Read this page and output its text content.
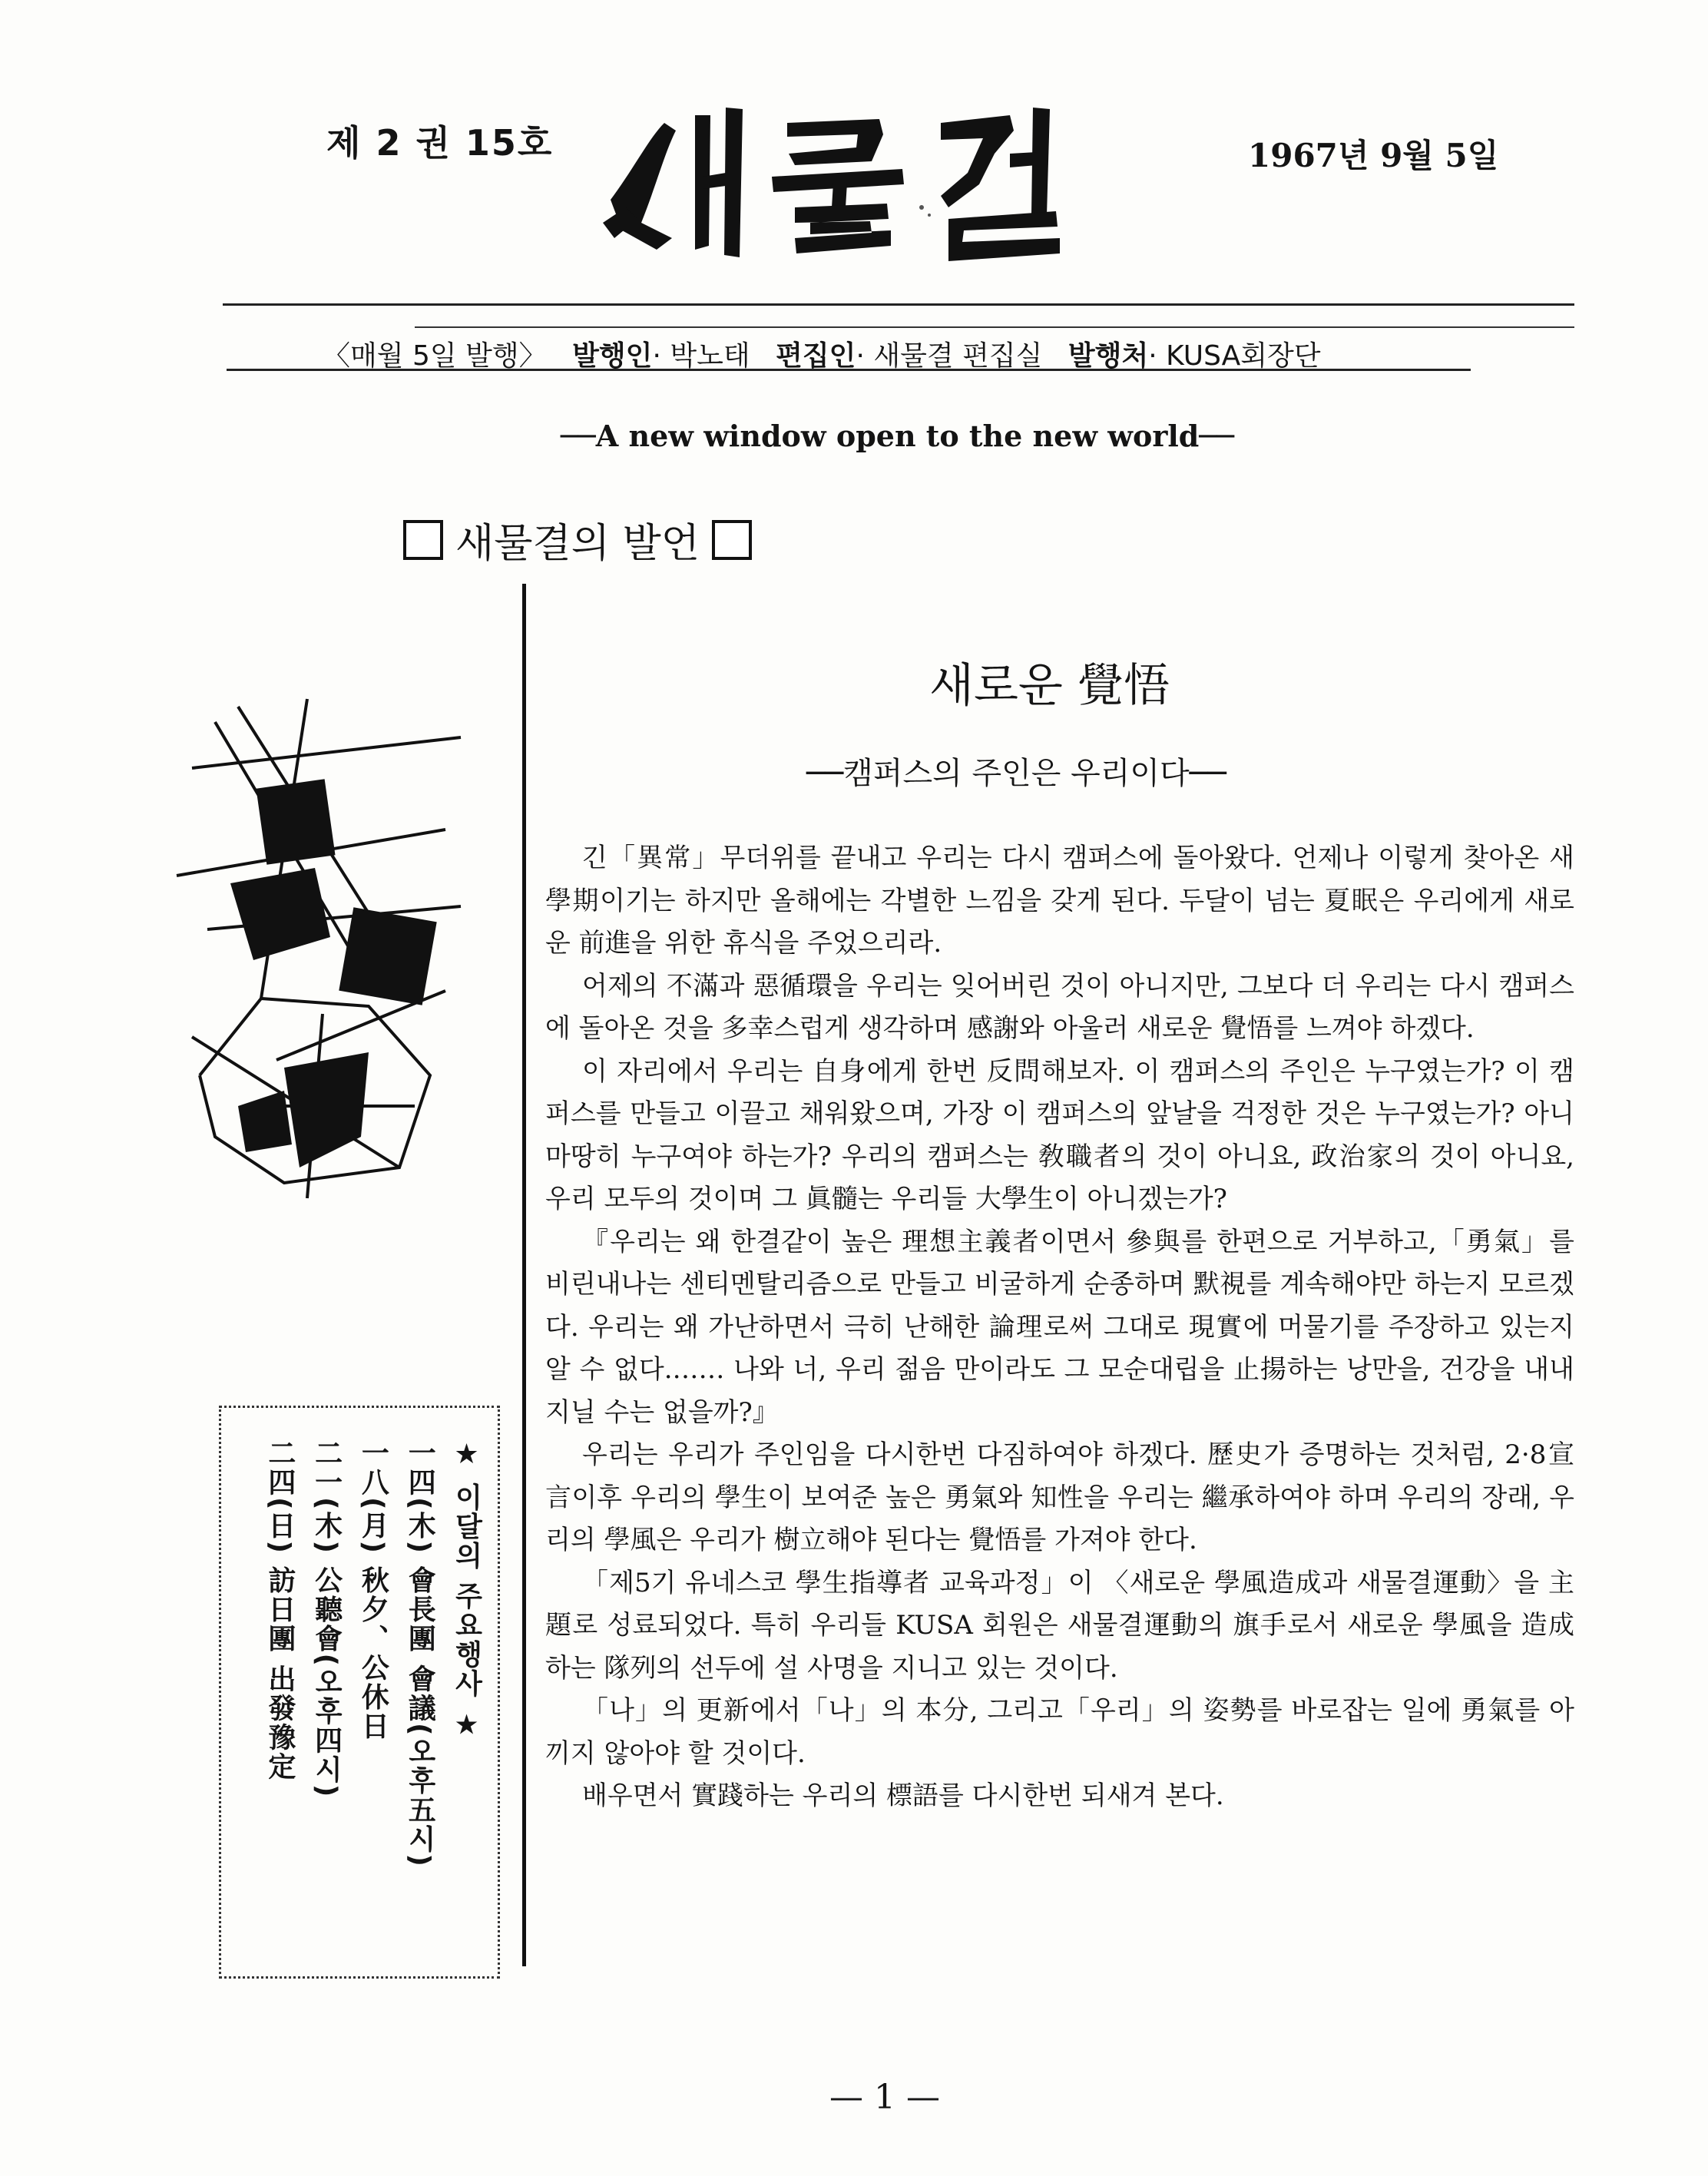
제 2 권 15호	1967년 9월 5일
〈매월 5일 발행〉 발행인· 박노태 편집인· 새물결 편집실 발행처· KUSA회장단
──A new window open to the new world──
새물결의 발언
★ 이달의 주요행사 ★
一四(木) 會長團 會議(오후五시)
一八(月) 秋夕、公休日
二一(木) 公聽會(오후四시)
二四(日) 訪日團 出發豫定
새로운 覺悟
──캠퍼스의 주인은 우리이다──

긴「異常」무더위를 끝내고 우리는 다시 캠퍼스에 돌아왔다. 언제나 이렇게 찾아온 새 學期이기는 하지만 올해에는 각별한 느낌을 갖게 된다. 두달이 넘는 夏眠은 우리에게 새로운 前進을 위한 휴식을 주었으리라.

어제의 不滿과 惡循環을 우리는 잊어버린 것이 아니지만, 그보다 더 우리는 다시 캠퍼스에 돌아온 것을 多幸스럽게 생각하며 感謝와 아울러 새로운 覺悟를 느껴야 하겠다.

이 자리에서 우리는 自身에게 한번 反問해보자. 이 캠퍼스의 주인은 누구였는가? 이 캠퍼스를 만들고 이끌고 채워왔으며, 가장 이 캠퍼스의 앞날을 걱정한 것은 누구였는가? 아니 마땅히 누구여야 하는가? 우리의 캠퍼스는 敎職者의 것이 아니요, 政治家의 것이 아니요, 우리 모두의 것이며 그 眞髓는 우리들 大學生이 아니겠는가?

『우리는 왜 한결같이 높은 理想主義者이면서 參與를 한편으로 거부하고,「勇氣」를 비린내나는 센티멘탈리즘으로 만들고 비굴하게 순종하며 默視를 계속해야만 하는지 모르겠다. 우리는 왜 가난하면서 극히 난해한 論理로써 그대로 現實에 머물기를 주장하고 있는지 알 수 없다.…… 나와 너, 우리 젊음 만이라도 그 모순대립을 止揚하는 낭만을, 건강을 내내 지닐 수는 없을까?』

우리는 우리가 주인임을 다시한번 다짐하여야 하겠다. 歷史가 증명하는 것처럼, 2·8宣言이후 우리의 學生이 보여준 높은 勇氣와 知性을 우리는 繼承하여야 하며 우리의 장래, 우리의 學風은 우리가 樹立해야 된다는 覺悟를 가져야 한다.

「제5기 유네스코 學生指導者 교육과정」이 〈새로운 學風造成과 새물결運動〉을 主題로 성료되었다. 특히 우리들 KUSA 회원은 새물결運動의 旗手로서 새로운 學風을 造成하는 隊列의 선두에 설 사명을 지니고 있는 것이다.

「나」의 更新에서「나」의 本分, 그리고「우리」의 姿勢를 바로잡는 일에 勇氣를 아끼지 않아야 할 것이다.

배우면서 實踐하는 우리의 標語를 다시한번 되새겨 본다.

— 1 —
